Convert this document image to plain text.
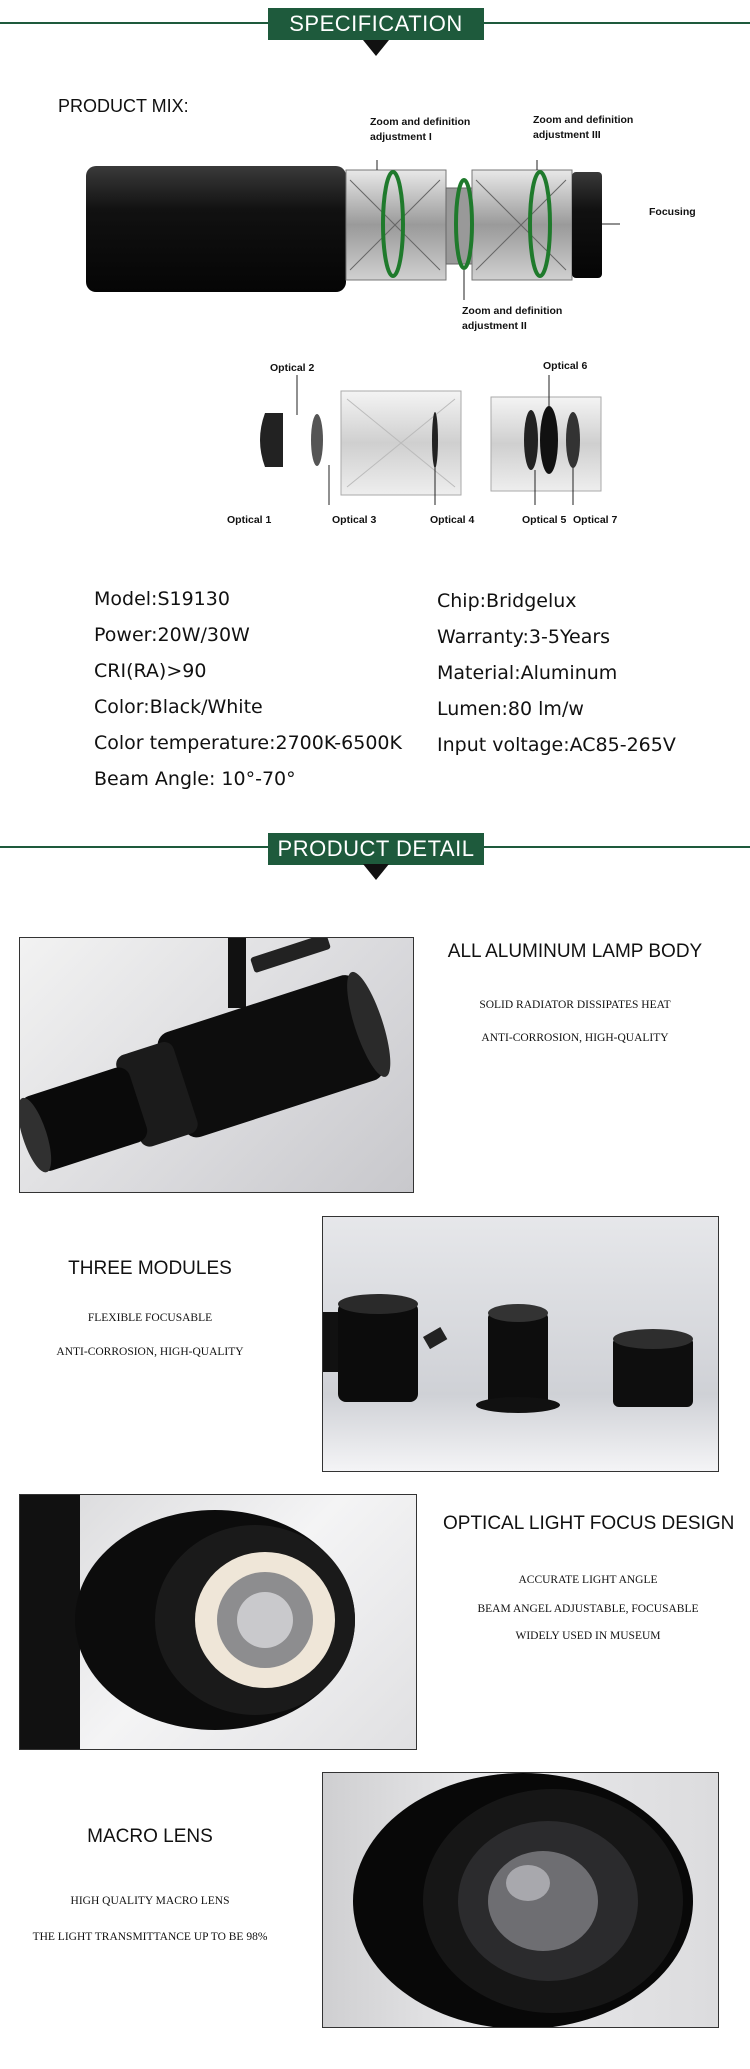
SPECIFICATION
PRODUCT MIX:
Zoom and definition
adjustment I
Zoom and definition
adjustment III
Zoom and definition
adjustment II
Focusing
Optical 1
Optical 2
Optical 3	Optical 4	Optical 5
Optical 6
Optical 7
Model:S19130
Power:20W/30W
CRI(RA)>90
Color:Black/White
Color temperature:2700K-6500K
Beam Angle: 10°-70°
Chip:Bridgelux
Warranty:3-5Years
Material:Aluminum
Lumen:80 lm/w
Input voltage:AC85-265V
PRODUCT DETAIL
ALL ALUMINUM LAMP BODY
SOLID RADIATOR DISSIPATES HEAT
ANTI-CORROSION, HIGH-QUALITY
THREE MODULES
FLEXIBLE FOCUSABLE
ANTI-CORROSION, HIGH-QUALITY
OPTICAL LIGHT FOCUS DESIGN
ACCURATE LIGHT ANGLE
BEAM ANGEL ADJUSTABLE, FOCUSABLE
WIDELY USED IN MUSEUM
MACRO LENS
HIGH QUALITY MACRO LENS
THE LIGHT TRANSMITTANCE UP TO BE 98%
